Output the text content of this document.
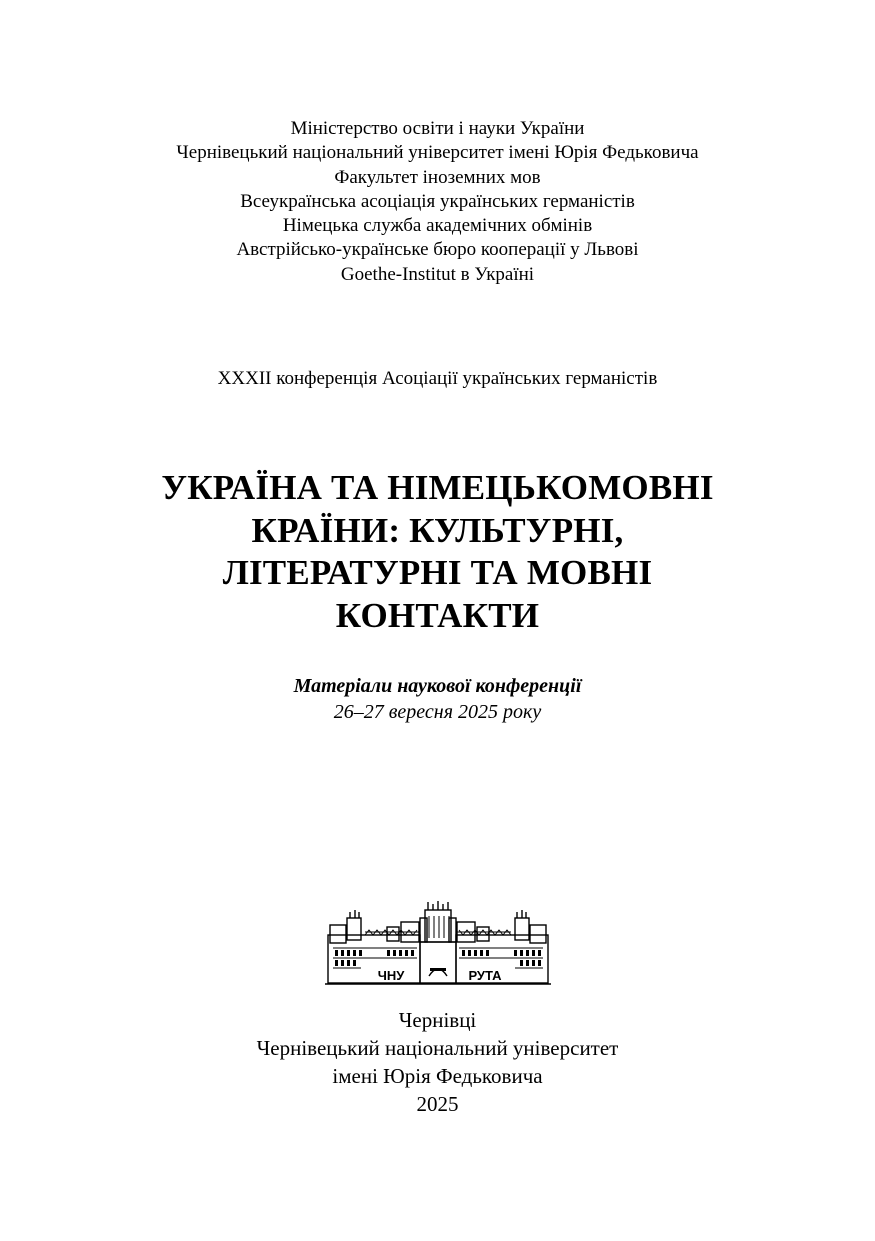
Міністерство освіти і науки України
Чернівецький національний університет імені Юрія Федьковича
Факультет іноземних мов
Всеукраїнська асоціація українських германістів
Німецька служба академічних обмінів
Австрійсько-українське бюро кооперації у Львові
Goethe-Institut в Україні
XXXII конференція Асоціації українських германістів
УКРАЇНА ТА НІМЕЦЬКОМОВНІ
КРАЇНИ: КУЛЬТУРНІ,
ЛІТЕРАТУРНІ ТА МОВНІ
КОНТАКТИ
Матеріали наукової конференції
26–27 вересня 2025 року
ЧНУ	РУТА
Чернівці
Чернівецький національний університет
імені Юрія Федьковича
2025
